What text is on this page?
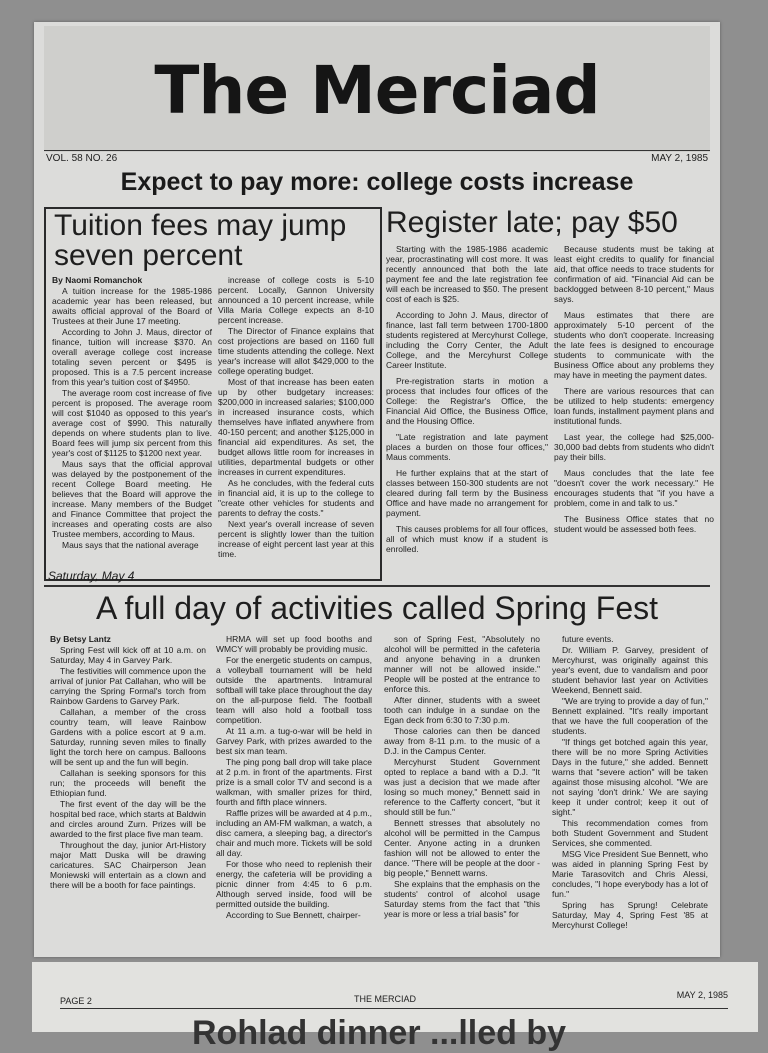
The Merciad
VOL. 58 NO. 26	MAY 2, 1985
Expect to pay more: college costs increase
Tuition fees may jump seven percent

By Naomi Romanchok

A tuition increase for the 1985-1986 academic year has been released, but awaits official approval of the Board of Trustees at their June 17 meeting.

According to John J. Maus, director of finance, tuition will increase $370. An overall average college cost increase totaling seven percent or $495 is proposed. This is a 7.5 percent increase from this year's tuition cost of $4950.

The average room cost increase of five percent is proposed. The average room will cost $1040 as opposed to this year's average cost of $990. This naturally depends on where students plan to live. Board fees will jump six percent from this year's cost of $1125 to $1200 next year.

Maus says that the official approval was delayed by the postponement of the recent College Board meeting. He believes that the Board will approve the increase. Many members of the Budget and Finance Committee that project the increases and operating costs are also Trustee members, according to Maus.

Maus says that the national average

increase of college costs is 5-10 percent. Locally, Gannon University announced a 10 percent increase, while Villa Maria College expects an 8-10 percent increase.

The Director of Finance explains that cost projections are based on 1160 full time students attending the college. Next year's increase will allot $429,000 to the college operating budget.

Most of that increase has been eaten up by other budgetary increases: $200,000 in increased salaries; $100,000 in increased insurance costs, which themselves have inflated anywhere from 40-150 percent; and another $125,000 in financial aid expenditures. As set, the budget allows little room for increases in utilities, departmental budgets or other increases in current expenditures.

As he concludes, with the federal cuts in financial aid, it is up to the college to "create other vehicles for students and parents to defray the costs."

Next year's overall increase of seven percent is slightly lower than the tuition increase of eight percent last year at this time.

Register late; pay $50

Starting with the 1985-1986 academic year, procrastinating will cost more. It was recently announced that both the late payment fee and the late registration fee will each be increased to $50. The present cost of each is $25.

According to John J. Maus, director of finance, last fall term between 1700-1800 students registered at Mercyhurst College, including the Corry Center, the Adult College, and the Mercyhurst College Career Institute.

Pre-registration starts in motion a process that includes four offices of the College: the Registrar's Office, the Financial Aid Office, the Business Office, and the Housing Office.

"Late registration and late payment places a burden on those four offices," Maus comments.

He further explains that at the start of classes between 150-300 students are not cleared during fall term by the Business Office and have made no arrangement for payment.

This causes problems for all four offices, all of which must know if a student is enrolled.

Because students must be taking at least eight credits to qualify for financial aid, that office needs to trace students for confirmation of aid. "Financial Aid can be backlogged between 8-10 percent," Maus says.

Maus estimates that there are approximately 5-10 percent of the students who don't cooperate. Increasing the late fees is designed to encourage students to communicate with the Business Office about any problems they may have in meeting the payment dates.

There are various resources that can be utilized to help students: emergency loan funds, installment payment plans and institutional funds.

Last year, the college had $25,000-30,000 bad debts from students who didn't pay their bills.

Maus concludes that the late fee "doesn't cover the work necessary." He encourages students that "if you have a problem, come in and talk to us."

The Business Office states that no student would be assessed both fees.

Saturday, May 4
A full day of activities called Spring Fest

By Betsy Lantz

Spring Fest will kick off at 10 a.m. on Saturday, May 4 in Garvey Park.

The festivities will commence upon the arrival of junior Pat Callahan, who will be carrying the Spring Formal's torch from Rainbow Gardens to Garvey Park.

Callahan, a member of the cross country team, will leave Rainbow Gardens with a police escort at 9 a.m. Saturday, running seven miles to finally light the torch here on campus. Balloons will be sent up and the fun will begin.

Callahan is seeking sponsors for this run; the proceeds will benefit the Ethiopian fund.

The first event of the day will be the hospital bed race, which starts at Baldwin and circles around Zurn. Prizes will be awarded to the first place five man team.

Throughout the day, junior Art-History major Matt Duska will be drawing caricatures. SAC Chairperson Jean Moniewski will entertain as a clown and there will be a booth for face paintings.

HRMA will set up food booths and WMCY will probably be providing music.

For the energetic students on campus, a volleyball tournament will be held outside the apartments. Intramural softball will take place throughout the day on the all-purpose field. The football team will also hold a football toss competition.

At 11 a.m. a tug-o-war will be held in Garvey Park, with prizes awarded to the best six man team.

The ping pong ball drop will take place at 2 p.m. in front of the apartments. First prize is a small color TV and second is a walkman, with smaller prizes for third, fourth and fifth place winners.

Raffle prizes will be awarded at 4 p.m., including an AM-FM walkman, a watch, a disc camera, a sleeping bag, a director's chair and much more. Tickets will be sold all day.

For those who need to replenish their energy, the cafeteria will be providing a picnic dinner from 4:45 to 6 p.m. Although served inside, food will be permitted outside the building.

According to Sue Bennett, chairper-

son of Spring Fest, "Absolutely no alcohol will be permitted in the cafeteria and anyone behaving in a drunken manner will not be allowed inside." People will be posted at the entrance to enforce this.

After dinner, students with a sweet tooth can indulge in a sundae on the Egan deck from 6:30 to 7:30 p.m.

Those calories can then be danced away from 8-11 p.m. to the music of a D.J. in the Campus Center.

Mercyhurst Student Government opted to replace a band with a D.J. "It was just a decision that we made after losing so much money," Bennett said in reference to the Cafferty concert, "but it should still be fun."

Bennett stresses that absolutely no alcohol will be permitted in the Campus Center. Anyone acting in a drunken fashion will not be allowed to enter the dance. "There will be people at the door - big people," Bennett warns.

She explains that the emphasis on the students' control of alcohol usage Saturday stems from the fact that "this year is more or less a trial basis" for

future events.

Dr. William P. Garvey, president of Mercyhurst, was originally against this year's event, due to vandalism and poor student behavior last year on Activities Weekend, Bennett said.

"We are trying to provide a day of fun," Bennett explained. "It's really important that we have the full cooperation of the students.

"If things get botched again this year, there will be no more Spring Activities Days in the future," she added. Bennett warns that "severe action" will be taken against those misusing alcohol. "We are not saying 'don't drink.' We are saying keep it under control; keep it out of sight."

This recommendation comes from both Student Government and Student Services, she commented.

MSG Vice President Sue Bennett, who was aided in planning Spring Fest by Marie Tarasovitch and Chris Alessi, concludes, "I hope everybody has a lot of fun."

Spring has Sprung! Celebrate Saturday, May 4, Spring Fest '85 at Mercyhurst College!

PAGE 2	THE MERCIAD	MAY 2, 1985
Rohlad dinner ...lled by
